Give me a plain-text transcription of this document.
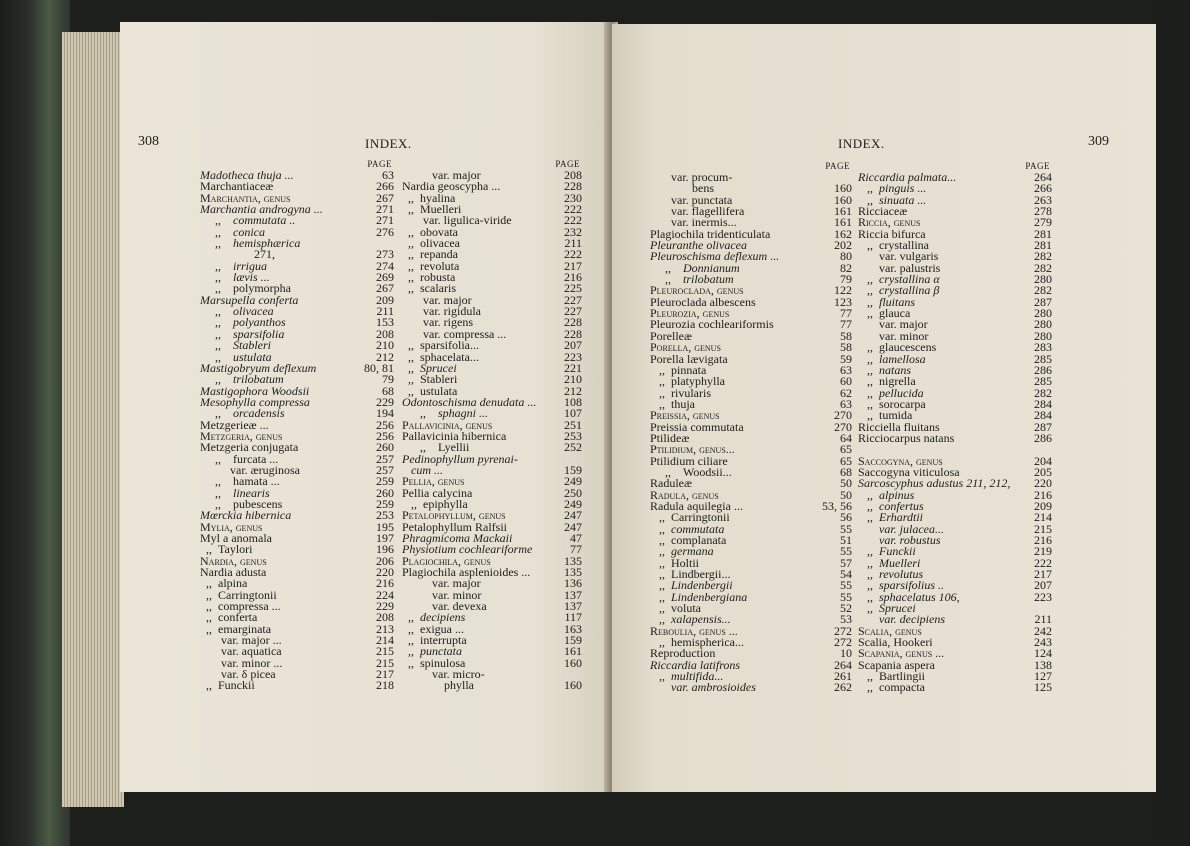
308	INDEX.
PAGE
Madotheca thuja ...	63
Marchantiaceæ	266
Marchantia, genus	267
Marchantia androgyna ...	271
,,    commutata ..	271
,,    conica	276
,,    hemisphærica
271,	273
,,    irrigua	274
,,    lævis ...	269
,,    polymorpha	267
Marsupella conferta	209
,,    olivacea	211
,,    polyanthos	153
,,    sparsifolia	208
,,    Stableri	210
,,    ustulata	212
Mastigobryum deflexum	80, 81
,,    trilobatum	79
Mastigophora Woodsii	68
Mesophylla compressa	229
,,    orcadensis	194
Metzgerieæ ...	256
Metzgeria, genus	256
Metzgeria conjugata	260
,,    furcata ...	257
var. æruginosa	257
,,    hamata ...	259
,,    linearis	260
,,    pubescens	259
Mœrckia hibernica	253
Mylia, genus	195
Myl a anomala	197
,,  Taylori	196
Nardia, genus	206
Nardia adusta	220
,,  alpina	216
,,  Carringtonii	224
,,  compressa ...	229
,,  conferta	208
,,  emarginata	213
var. major ...	214
var. aquatica	215
var. minor ...	215
var. δ picea	217
,,  Funckii	218
PAGE
var. major	208
Nardia geoscypha ...	228
,,  hyalina	230
,,  Muelleri	222
var. ligulica-viride	222
,,  obovata	232
,,  olivacea	211
,,  repanda	222
,,  revoluta	217
,,  robusta	216
,,  scalaris	225
var. major	227
var. rigidula	227
var. rigens	228
var. compressa ...	228
,,  sparsifolia...	207
,,  sphacelata...	223
,,  Sprucei	221
,,  Stableri	210
,,  ustulata	212
Odontoschisma denudata ... 108
,,    sphagni ...	107
Pallavicinia, genus	251
Pallavicinia hibernica	253
,,    Lyellii	252
Pedinophyllum pyrenai-
cum ...	159
Pellia, genus	249
Pellia calycina	250
,,  epiphylla	249
Petalophyllum, genus	247
Petalophyllum Ralfsii	247
Phragmicoma Mackaii	47
Physiotium cochleariforme	77
Plagiochila, genus	135
Plagiochila asplenioides ...	135
var. major	136
var. minor	137
var. devexa	137
,,  decipiens	117
,,  exigua ...	163
,,  interrupta	159
,,  punctata	161
,,  spinulosa	160
var. micro-
phylla	160
INDEX.	309
PAGE
var. procum-
bens	160
var. punctata	160
var. flagellifera	161
var. inermis...	161
Plagiochila tridenticulata	162
Pleuranthe olivacea	202
Pleuroschisma deflexum ...	80
,,    Donnianum	82
,,    trilobatum	79
Pleuroclada, genus	122
Pleuroclada albescens	123
Pleurozia, genus	77
Pleurozia cochleariformis	77
Porelleæ	58
Porella, genus	58
Porella lævigata	59
,,  pinnata	63
,,  platyphylla	60
,,  rivularis	62
,,  thuja	63
Preissia, genus	270
Preissia commutata	270
Ptilideæ	64
Ptilidium, genus...	65
Ptilidium ciliare	65
,,    Woodsii...	68
Raduleæ	50
Radula, genus	50
Radula aquilegia ...	53, 56
,,  Carringtonii	56
,,  commutata	55
,,  complanata	51
,,  germana	55
,,  Holtii	57
,,  Lindbergii...	54
,,  Lindenbergii	55
,,  Lindenbergiana	55
,,  voluta	52
,,  xalapensis...	53
Reboulia, genus ...	272
,,  hemispherica...	272
Reproduction	10
Riccardia latifrons	264
,,  multifida...	261
var. ambrosioides	262
PAGE
Riccardia palmata...	264
,,  pinguis ...	266
,,  sinuata ...	263
Ricciaceæ	278
Riccia, genus	279
Riccia bifurca	281
,,  crystallina	281
var. vulgaris	282
var. palustris	282
,,  crystallina α	280
,,  crystallina β	282
,,  fluitans	287
,,  glauca	280
var. major	280
var. minor	280
,,  glaucescens	283
,,  lamellosa	285
,,  natans	286
,,  nigrella	285
,,  pellucida	282
,,  sorocarpa	284
,,  tumida	284
Ricciella fluitans	287
Ricciocarpus natans	286
Saccogyna, genus	204
Saccogyna viticulosa	205
Sarcoscyphus adustus 211, 212, 220
,,  alpinus	216
,,  confertus	209
,,  Erhardtii	214
var. julacea...	215
var. robustus	216
,,  Funckii	219
,,  Muelleri	222
,,  revolutus	217
,,  sparsifolius ..	207
,,  sphacelatus 106,	223
,,  Sprucei
var. decipiens	211
Scalia, genus	242
Scalia, Hookeri	243
Scapania, genus ...	124
Scapania aspera	138
,,  Bartlingii	127
,,  compacta	125
